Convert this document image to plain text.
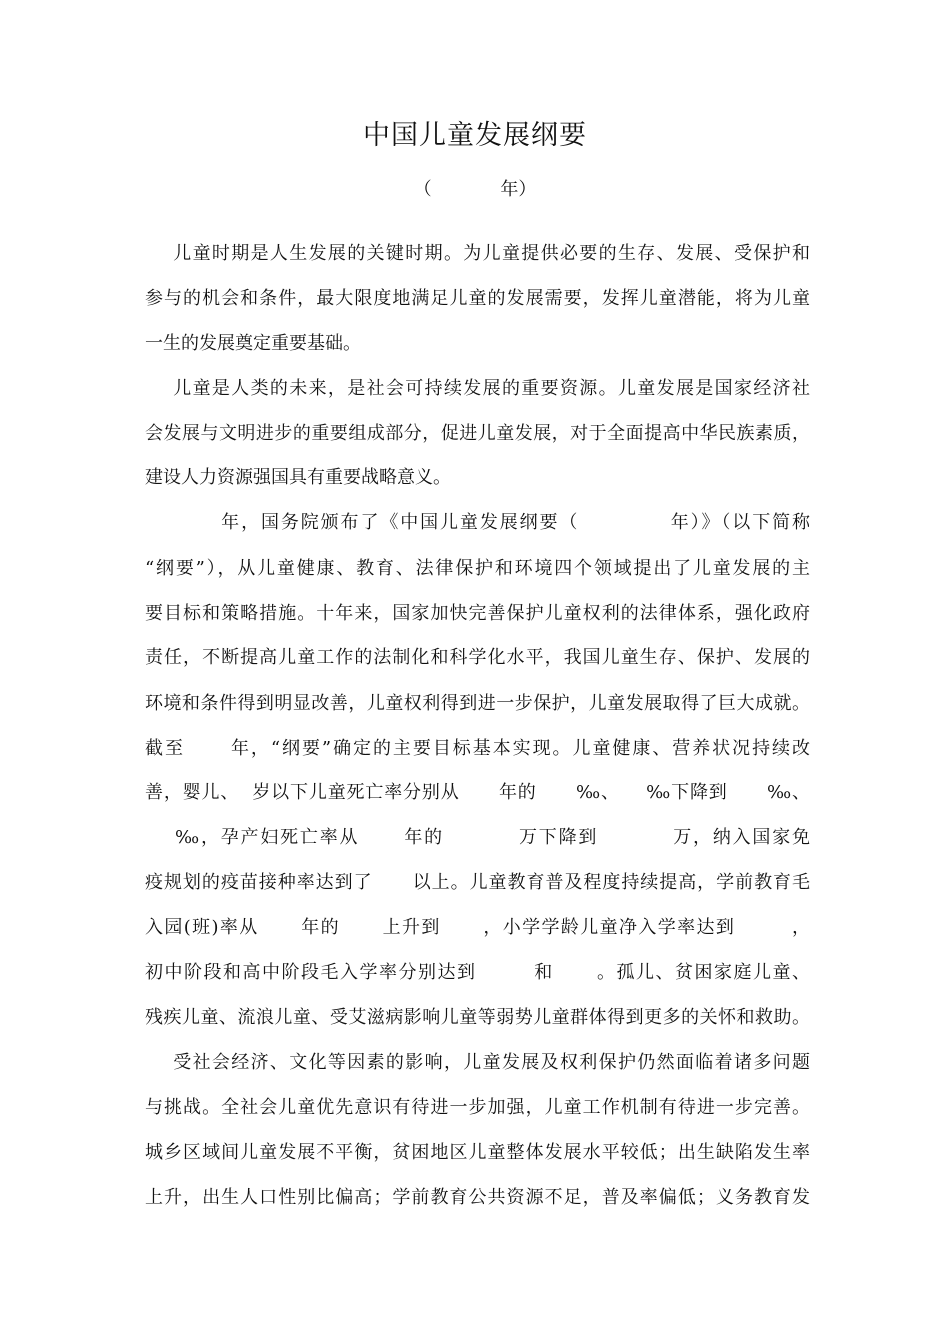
中国儿童发展纲要
（            年）
儿童时期是人生发展的关键时期。为儿童提供必要的生存、发展、受保护和
参与的机会和条件，最大限度地满足儿童的发展需要，发挥儿童潜能，将为儿童
一生的发展奠定重要基础。
儿童是人类的未来，是社会可持续发展的重要资源。儿童发展是国家经济社
会发展与文明进步的重要组成部分，促进儿童发展，对于全面提高中华民族素质，
建设人力资源强国具有重要战略意义。
年，国务院颁布了《中国儿童发展纲要（            年）》（以下简称
“纲要”），从儿童健康、教育、法律保护和环境四个领域提出了儿童发展的主
要目标和策略措施。十年来，国家加快完善保护儿童权利的法律体系，强化政府
责任，不断提高儿童工作的法制化和科学化水平，我国儿童生存、保护、发展的
环境和条件得到明显改善，儿童权利得到进一步保护，儿童发展取得了巨大成就。
截至      年，“纲要”确定的主要目标基本实现。儿童健康、营养状况持续改
善，婴儿、  岁以下儿童死亡率分别从      年的      ‰、    ‰下降到      ‰、
‰，孕产妇死亡率从      年的          万下降到          万，纳入国家免
疫规划的疫苗接种率达到了      以上。儿童教育普及程度持续提高，学前教育毛
入园(班)率从      年的      上升到      ，小学学龄儿童净入学率达到        ，
初中阶段和高中阶段毛入学率分别达到        和      。孤儿、贫困家庭儿童、
残疾儿童、流浪儿童、受艾滋病影响儿童等弱势儿童群体得到更多的关怀和救助。
受社会经济、文化等因素的影响，儿童发展及权利保护仍然面临着诸多问题
与挑战。全社会儿童优先意识有待进一步加强，儿童工作机制有待进一步完善。
城乡区域间儿童发展不平衡，贫困地区儿童整体发展水平较低；出生缺陷发生率
上升，出生人口性别比偏高；学前教育公共资源不足，普及率偏低；义务教育发
